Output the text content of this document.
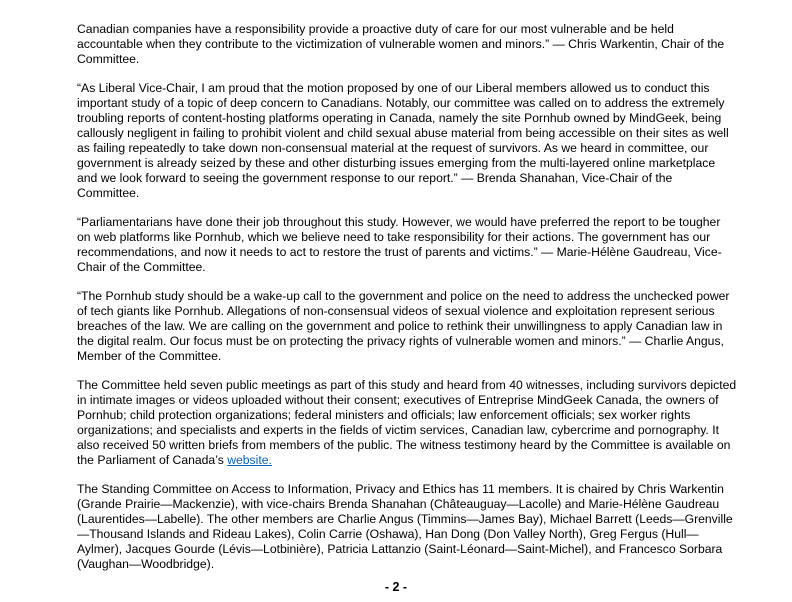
Canadian companies have a responsibility provide a proactive duty of care for our most vulnerable and be held accountable when they contribute to the victimization of vulnerable women and minors.” — Chris Warkentin, Chair of the Committee.

“As Liberal Vice-Chair, I am proud that the motion proposed by one of our Liberal members allowed us to conduct this important study of a topic of deep concern to Canadians. Notably, our committee was called on to address the extremely troubling reports of content-hosting platforms operating in Canada, namely the site Pornhub owned by MindGeek, being callously negligent in failing to prohibit violent and child sexual abuse material from being accessible on their sites as well as failing repeatedly to take down non-consensual material at the request of survivors. As we heard in committee, our government is already seized by these and other disturbing issues emerging from the multi-layered online marketplace and we look forward to seeing the government response to our report.” — Brenda Shanahan, Vice-Chair of the Committee.

“Parliamentarians have done their job throughout this study. However, we would have preferred the report to be tougher on web platforms like Pornhub, which we believe need to take responsibility for their actions. The government has our recommendations, and now it needs to act to restore the trust of parents and victims.” — Marie-Hélène Gaudreau, Vice-Chair of the Committee.

“The Pornhub study should be a wake-up call to the government and police on the need to address the unchecked power of tech giants like Pornhub. Allegations of non-consensual videos of sexual violence and exploitation represent serious breaches of the law. We are calling on the government and police to rethink their unwillingness to apply Canadian law in the digital realm. Our focus must be on protecting the privacy rights of vulnerable women and minors.” — Charlie Angus, Member of the Committee.

The Committee held seven public meetings as part of this study and heard from 40 witnesses, including survivors depicted in intimate images or videos uploaded without their consent; executives of Entreprise MindGeek Canada, the owners of Pornhub; child protection organizations; federal ministers and officials; law enforcement officials; sex worker rights organizations; and specialists and experts in the fields of victim services, Canadian law, cybercrime and pornography. It also received 50 written briefs from members of the public. The witness testimony heard by the Committee is available on the Parliament of Canada’s website.

The Standing Committee on Access to Information, Privacy and Ethics has 11 members. It is chaired by Chris Warkentin (Grande Prairie—Mackenzie), with vice-chairs Brenda Shanahan (Châteauguay—Lacolle) and Marie-Hélène Gaudreau (Laurentides—Labelle). The other members are Charlie Angus (Timmins—James Bay), Michael Barrett (Leeds—Grenville—Thousand Islands and Rideau Lakes), Colin Carrie (Oshawa), Han Dong (Don Valley North), Greg Fergus (Hull—Aylmer), Jacques Gourde (Lévis—Lotbinière), Patricia Lattanzio (Saint-Léonard—Saint-Michel), and Francesco Sorbara (Vaughan—Woodbridge).

- 2 -
